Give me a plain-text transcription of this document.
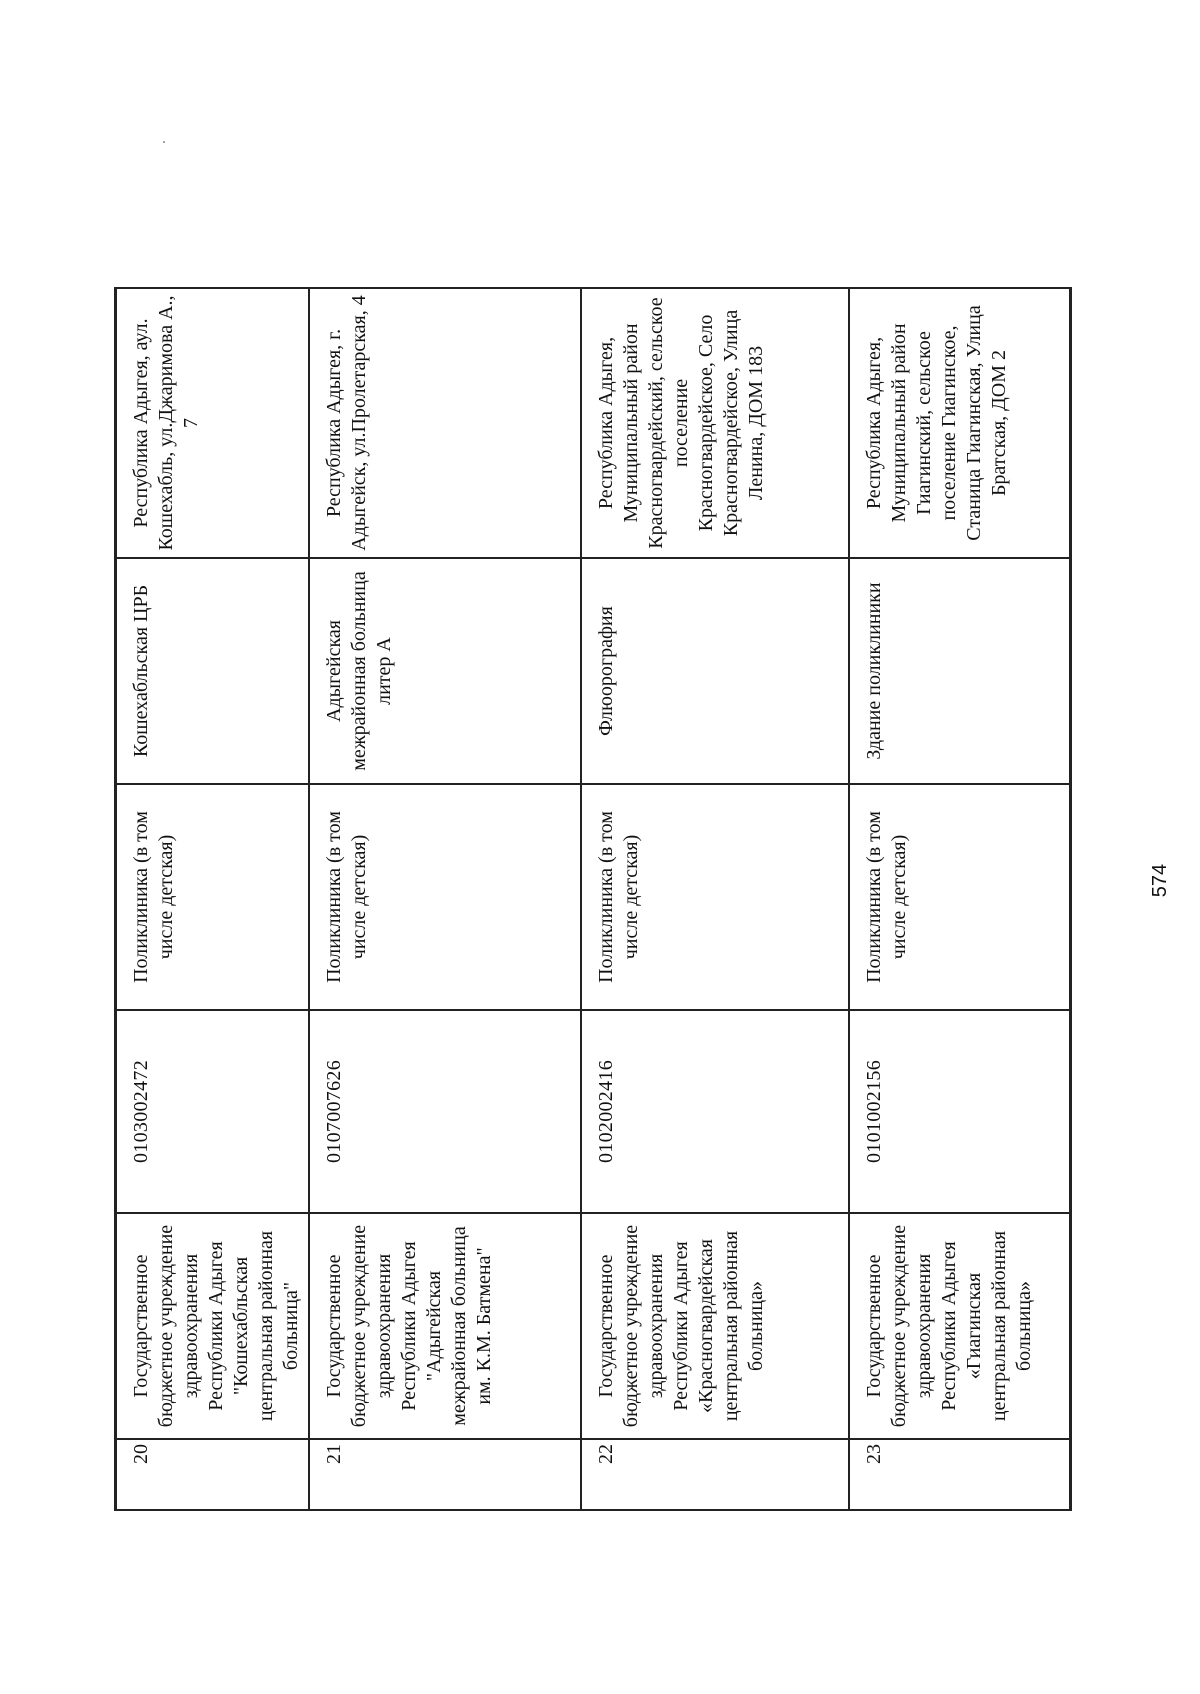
20	Государственное бюджетное учреждение здравоохранения Республики Адыгея "Кошехабльская центральная районная больница"	0103002472	Поликлиника (в том числе детская)	Кошехабльская ЦРБ	Республика Адыгея, аул. Кошехабль, ул.Джаримова А., 7
21	Государственное бюджетное учреждение здравоохранения Республики Адыгея "Адыгейская межрайонная больница им. К.М. Батмена"	0107007626	Поликлиника (в том числе детская)	Адыгейская межрайонная больница литер А	Республика Адыгея, г. Адыгейск, ул.Пролетарская, 4
22	Государственное бюджетное учреждение здравоохранения Республики Адыгея «Красногвардейская центральная районная больница»	0102002416	Поликлиника (в том числе детская)	Флюорография	Республика Адыгея, Муниципальный район Красногвардейский, сельское поселение Красногвардейское, Село Красногвардейское, Улица Ленина, ДОМ 183
23	Государственное бюджетное учреждение здравоохранения Республики Адыгея «Гиагинская центральная районная больница»	0101002156	Поликлиника (в том числе детская)	Здание поликлиники	Республика Адыгея, Муниципальный район Гиагинский, сельское поселение Гиагинское, Станица Гиагинская, Улица Братская, ДОМ 2
574
